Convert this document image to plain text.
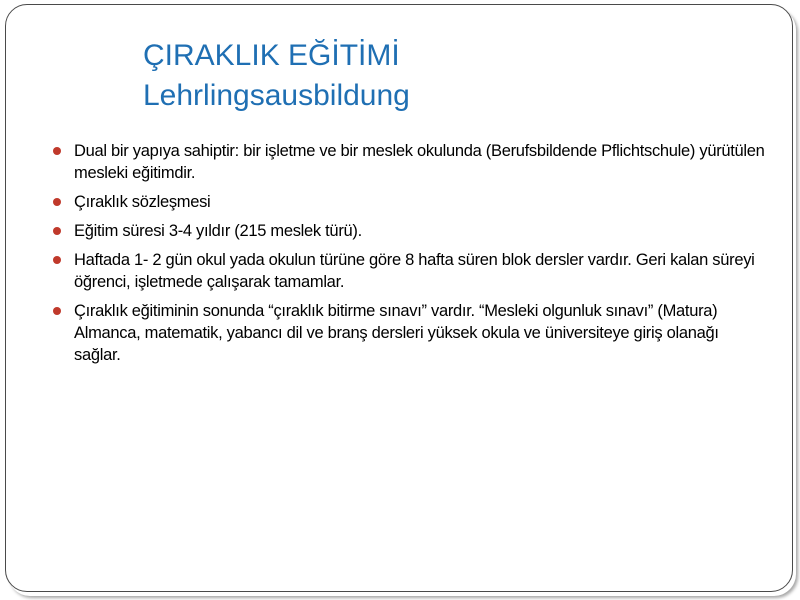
ÇIRAKLIK EĞİTİMİ
Lehrlingsausbildung
Dual bir yapıya sahiptir: bir işletme ve bir meslek okulunda (Berufsbildende Pflichtschule) yürütülen mesleki eğitimdir.
Çıraklık sözleşmesi
Eğitim süresi 3-4 yıldır (215 meslek türü).
Haftada 1- 2 gün okul yada okulun türüne göre 8 hafta süren blok dersler vardır. Geri kalan süreyi öğrenci, işletmede çalışarak tamamlar.
Çıraklık eğitiminin sonunda “çıraklık bitirme sınavı” vardır. “Mesleki olgunluk sınavı” (Matura) Almanca, matematik, yabancı dil ve branş dersleri yüksek okula ve üniversiteye giriş olanağı sağlar.
